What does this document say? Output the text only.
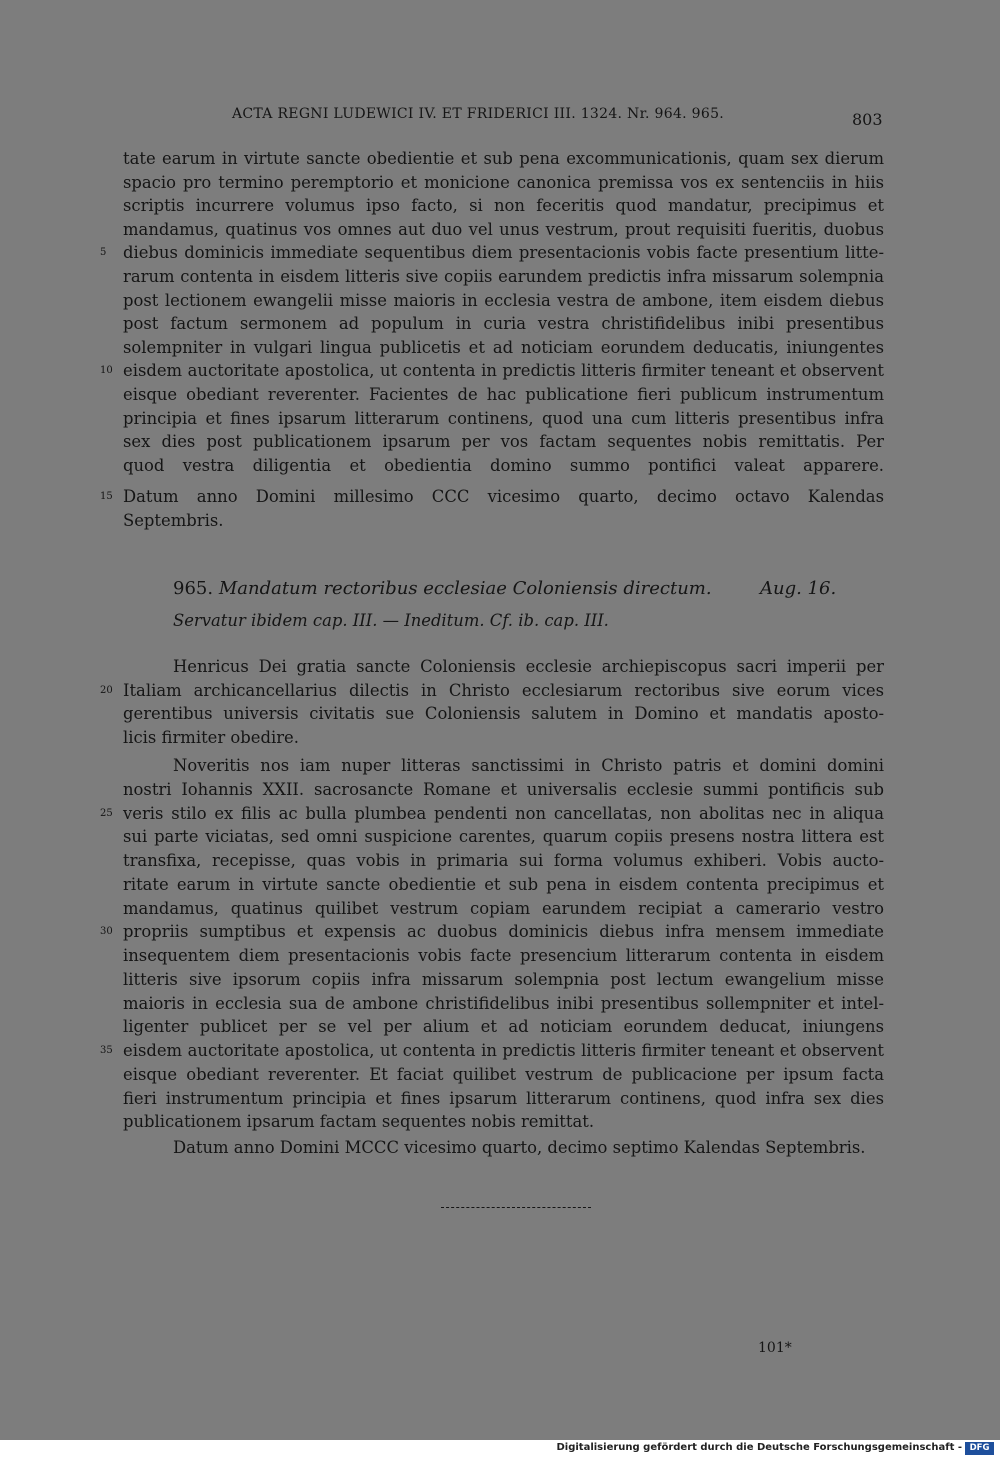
ACTA REGNI LUDEWICI IV. ET FRIDERICI III. 1324. Nr. 964. 965.	803
tate earum in virtute sancte obedientie et sub pena excommunicationis, quam sex dierum
spacio pro termino peremptorio et monicione canonica premissa vos ex sentenciis in hiis
scriptis incurrere volumus ipso facto, si non feceritis quod mandatur, precipimus et
mandamus, quatinus vos omnes aut duo vel unus vestrum, prout requisiti fueritis, duobus
diebus dominicis immediate sequentibus diem presentacionis vobis facte presentium litte-
5
rarum contenta in eisdem litteris sive copiis earundem predictis infra missarum solempnia
post lectionem ewangelii misse maioris in ecclesia vestra de ambone, item eisdem diebus
post factum sermonem ad populum in curia vestra christifidelibus inibi presentibus
solempniter in vulgari lingua publicetis et ad noticiam eorundem deducatis, iniungentes
eisdem auctoritate apostolica, ut contenta in predictis litteris firmiter teneant et observent
10
eisque obediant reverenter. Facientes de hac publicatione fieri publicum instrumentum
principia et fines ipsarum litterarum continens, quod una cum litteris presentibus infra
sex dies post publicationem ipsarum per vos factam sequentes nobis remittatis. Per
quod vestra diligentia et obedientia domino summo pontifici valeat apparere.
Datum anno Domini millesimo CCC vicesimo quarto, decimo octavo Kalendas
15
Septembris.
965. Mandatum rectoribus ecclesiae Coloniensis directum.	Aug. 16.
Servatur ibidem cap. III. — Ineditum. Cf. ib. cap. III.
Henricus Dei gratia sancte Coloniensis ecclesie archiepiscopus sacri imperii per
Italiam archicancellarius dilectis in Christo ecclesiarum rectoribus sive eorum vices
20
gerentibus universis civitatis sue Coloniensis salutem in Domino et mandatis aposto-
licis firmiter obedire.
Noveritis nos iam nuper litteras sanctissimi in Christo patris et domini domini
nostri Iohannis XXII. sacrosancte Romane et universalis ecclesie summi pontificis sub
veris stilo ex filis ac bulla plumbea pendenti non cancellatas, non abolitas nec in aliqua
25
sui parte viciatas, sed omni suspicione carentes, quarum copiis presens nostra littera est
transfixa, recepisse, quas vobis in primaria sui forma volumus exhiberi. Vobis aucto-
ritate earum in virtute sancte obedientie et sub pena in eisdem contenta precipimus et
mandamus, quatinus quilibet vestrum copiam earundem recipiat a camerario vestro
propriis sumptibus et expensis ac duobus dominicis diebus infra mensem immediate
30
insequentem diem presentacionis vobis facte presencium litterarum contenta in eisdem
litteris sive ipsorum copiis infra missarum solempnia post lectum ewangelium misse
maioris in ecclesia sua de ambone christifidelibus inibi presentibus sollempniter et intel-
ligenter publicet per se vel per alium et ad noticiam eorundem deducat, iniungens
eisdem auctoritate apostolica, ut contenta in predictis litteris firmiter teneant et observent
35
eisque obediant reverenter. Et faciat quilibet vestrum de publicacione per ipsum facta
fieri instrumentum principia et fines ipsarum litterarum continens, quod infra sex dies
publicationem ipsarum factam sequentes nobis remittat.
Datum anno Domini MCCC vicesimo quarto, decimo septimo Kalendas Septembris.
101*
Digitalisierung gefördert durch die Deutsche Forschungsgemeinschaft - DFG
